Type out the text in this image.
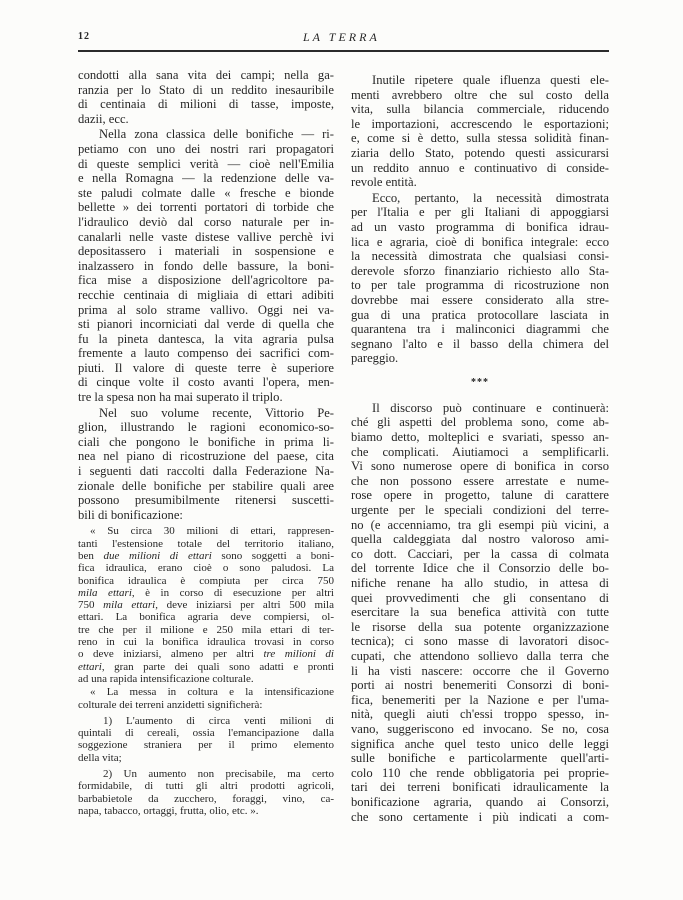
12	LA TERRA
condotti alla sana vita dei campi; nella ga-
ranzia per lo Stato di un reddito inesauribile
di centinaia di milioni di tasse, imposte,
dazii, ecc.
Nella zona classica delle bonifiche — ri-
petiamo con uno dei nostri rari propagatori
di queste semplici verità — cioè nell'Emilia
e nella Romagna — la redenzione delle va-
ste paludi colmate dalle « fresche e bionde
bellette » dei torrenti portatori di torbide che
l'idraulico deviò dal corso naturale per in-
canalarli nelle vaste distese vallive perchè ivi
depositassero i materiali in sospensione e
inalzassero in fondo delle bassure, la boni-
fica mise a disposizione dell'agricoltore pa-
recchie centinaia di migliaia di ettari adibiti
prima al solo strame vallivo. Oggi nei va-
sti pianori incorniciati dal verde di quella che
fu la pineta dantesca, la vita agraria pulsa
fremente a lauto compenso dei sacrifici com-
piuti. Il valore di queste terre è superiore
di cinque volte il costo avanti l'opera, men-
tre la spesa non ha mai superato il triplo.
Nel suo volume recente, Vittorio Pe-
glion, illustrando le ragioni economico-so-
ciali che pongono le bonifiche in prima li-
nea nel piano di ricostruzione del paese, cita
i seguenti dati raccolti dalla Federazione Na-
zionale delle bonifiche per stabilire quali aree
possono presumibilmente ritenersi suscetti-
bili di bonificazione:
« Su circa 30 milioni di ettari, rappresen-
tanti l'estensione totale del territorio italiano,
ben due milioni di ettari sono soggetti a boni-
fica idraulica, erano cioè o sono paludosi. La
bonifica idraulica è compiuta per circa 750
mila ettari, è in corso di esecuzione per altri
750 mila ettari, deve iniziarsi per altri 500 mila
ettari. La bonifica agraria deve compiersi, ol-
tre che per il milione e 250 mila ettari di ter-
reno in cui la bonifica idraulica trovasi in corso
o deve iniziarsi, almeno per altri tre milioni di
ettari, gran parte dei quali sono adatti e pronti
ad una rapida intensificazione colturale.
« La messa in coltura e la intensificazione
colturale dei terreni anzidetti significherà:
1) L'aumento di circa venti milioni di
quintali di cereali, ossia l'emancipazione dalla
soggezione straniera per il primo elemento
della vita;
2) Un aumento non precisabile, ma certo
formidabile, di tutti gli altri prodotti agricoli,
barbabietole da zucchero, foraggi, vino, ca-
napa, tabacco, ortaggi, frutta, olio, etc. ».
Inutile ripetere quale ifluenza questi ele-
menti avrebbero oltre che sul costo della
vita, sulla bilancia commerciale, riducendo
le importazioni, accrescendo le esportazioni;
e, come si è detto, sulla stessa solidità finan-
ziaria dello Stato, potendo questi assicurarsi
un reddito annuo e continuativo di conside-
revole entità.
Ecco, pertanto, la necessità dimostrata
per l'Italia e per gli Italiani di appoggiarsi
ad un vasto programma di bonifica idrau-
lica e agraria, cioè di bonifica integrale: ecco
la necessità dimostrata che qualsiasi consi-
derevole sforzo finanziario richiesto allo Sta-
to per tale programma di ricostruzione non
dovrebbe mai essere considerato alla stre-
gua di una pratica protocollare lasciata in
quarantena tra i malinconici diagrammi che
segnano l'alto e il basso della chimera del
pareggio.
***
Il discorso può continuare e continuerà:
ché gli aspetti del problema sono, come ab-
biamo detto, molteplici e svariati, spesso an-
che complicati. Aiutiamoci a semplificarli.
Vi sono numerose opere di bonifica in corso
che non possono essere arrestate e nume-
rose opere in progetto, talune di carattere
urgente per le speciali condizioni del terre-
no (e accenniamo, tra gli esempi più vicini, a
quella caldeggiata dal nostro valoroso ami-
co dott. Cacciari, per la cassa di colmata
del torrente Idice che il Consorzio delle bo-
nifiche renane ha allo studio, in attesa di
quei provvedimenti che gli consentano di
esercitare la sua benefica attività con tutte
le risorse della sua potente organizzazione
tecnica); ci sono masse di lavoratori disoc-
cupati, che attendono sollievo dalla terra che
li ha visti nascere: occorre che il Governo
porti ai nostri benemeriti Consorzi di boni-
fica, benemeriti per la Nazione e per l'uma-
nità, quegli aiuti ch'essi troppo spesso, in-
vano, suggeriscono ed invocano. Se no, cosa
significa anche quel testo unico delle leggi
sulle bonifiche e particolarmente quell'arti-
colo 110 che rende obbligatoria pei proprie-
tari dei terreni bonificati idraulicamente la
bonificazione agraria, quando ai Consorzi,
che sono certamente i più indicati a com-
